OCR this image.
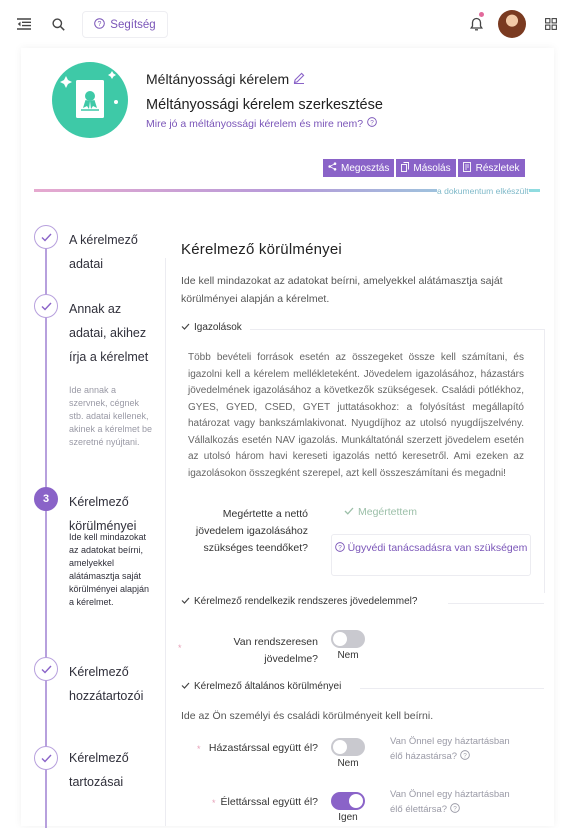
? Segítség
Méltányossági kérelem
Méltányossági kérelem szerkesztése
Mire jó a méltányossági kérelem és mire nem? ?
Megosztás Másolás	Részletek
a dokumentum elkészült
A kérelmező adatai
Annak az adatai, akihez írja a kérelmet
Ide annak a szervnek, cégnek stb. adatai kellenek, akinek a kérelmet be szeretné nyújtani.
3	Kérelmező körülményei
Ide kell mindazokat az adatokat beírni, amelyekkel alátámasztja saját körülményei alapján a kérelmet.
Kérelmező hozzátartozói
Kérelmező tartozásai
Kérelmező körülményei
Ide kell mindazokat az adatokat beírni, amelyekkel alátámasztja saját körülményei alapján a kérelmet.
Igazolások
Több bevételi források esetén az összegeket össze kell számítani, és igazolni kell a kérelem mellékleteként. Jövedelem igazolásához, házastárs jövedelmének igazolásához a következők szükségesek. Családi pótlékhoz, GYES, GYED, CSED, GYET juttatásokhoz: a folyósítást megállapító határozat vagy bankszámlakivonat. Nyugdíjhoz az utolsó nyugdíjszelvény. Vállalkozás esetén NAV igazolás. Munkáltatónál szerzett jövedelem esetén az utolsó három havi kereseti igazolás nettó keresetről. Ami ezeken az igazolásokon összegként szerepel, azt kell összeszámítani és megadni!
Megértette a nettó jövedelem igazolásához szükséges teendőket?
Megértettem
? Ügyvédi tanácsadásra van szükségem
Kérelmező rendelkezik rendszeres jövedelemmel?
*	Van rendszeresen jövedelme?	Nem
Kérelmező általános körülményei
Ide az Ön személyi és családi körülményeit kell beírni.
* Házastárssal együtt él?
Nem
Van Önnel egy háztartásban élő házastársa? ?
* Élettárssal együtt él?
Igen
Van Önnel egy háztartásban élő élettársa? ?
